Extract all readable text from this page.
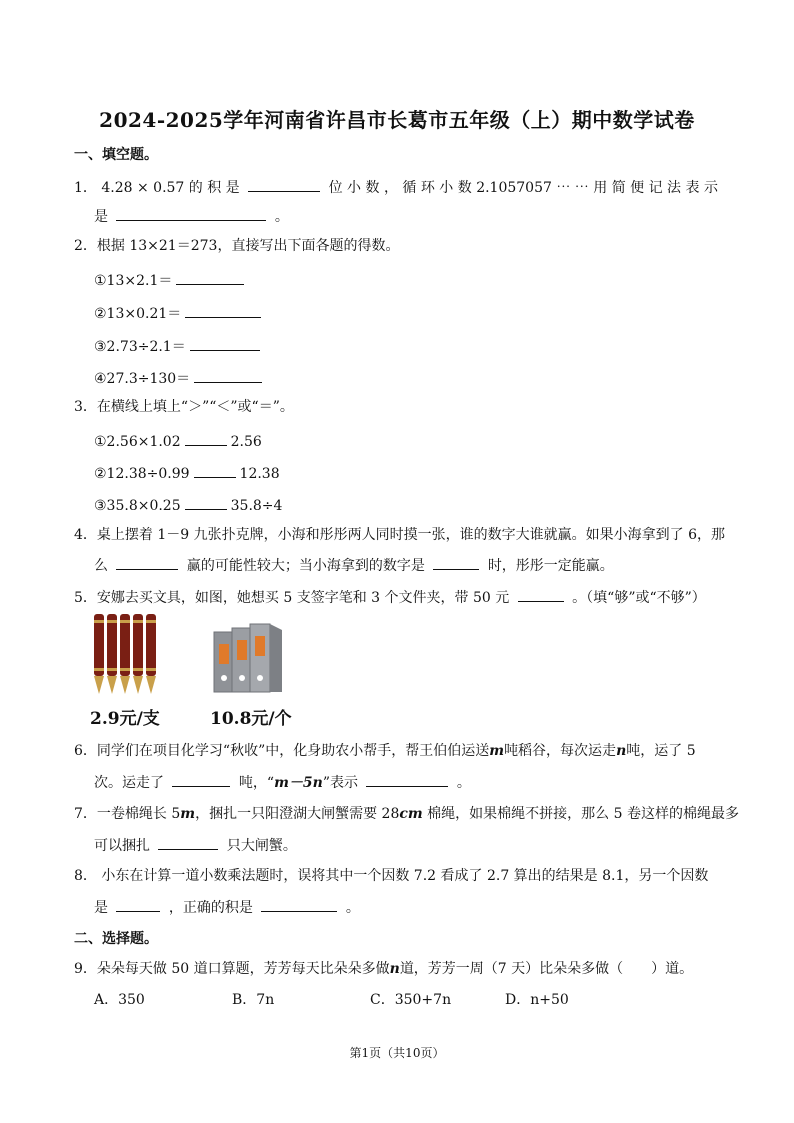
2024-2025学年河南省许昌市长葛市五年级（上）期中数学试卷
一、填空题。
1． 4.28 × 0.57 的 积 是	位 小 数 ， 循 环 小 数 2.1057057 ⋯ ⋯ 用 简 便 记 法 表 示
是	。
2．根据 13×21＝273，直接写出下面各题的得数。
①13×2.1＝
②13×0.21＝
③2.73÷2.1＝
④27.3÷130＝
3．在横线上填上“＞”“＜”或“＝”。
①2.56×1.02	2.56
②12.38÷0.99	12.38
③35.8×0.25	35.8÷4
4．桌上摆着 1－9 九张扑克牌，小海和彤彤两人同时摸一张，谁的数字大谁就赢。如果小海拿到了 6，那
么	赢的可能性较大；当小海拿到的数字是	时，彤彤一定能赢。
5．安娜去买文具，如图，她想买 5 支签字笔和 3 个文件夹，带 50 元	。（填“够”或“不够”）
2.9元/支	10.8元/个
6．同学们在项目化学习“秋收”中，化身助农小帮手，帮王伯伯运送m吨稻谷，每次运走n吨，运了 5
次。运走了	吨，“m－5n”表示	。
7．一卷棉绳长 5m，捆扎一只阳澄湖大闸蟹需要 28cm 棉绳，如果棉绳不拼接，那么 5 卷这样的棉绳最多
可以捆扎	只大闸蟹。
8． 小东在计算一道小数乘法题时，误将其中一个因数 7.2 看成了 2.7 算出的结果是 8.1，另一个因数
是	，正确的积是	。
二、选择题。
9．朵朵每天做 50 道口算题，芳芳每天比朵朵多做n道，芳芳一周（7 天）比朵朵多做（　　）道。
A．350	B．7n	C．350+7n	D．n+50
第1页（共10页）
